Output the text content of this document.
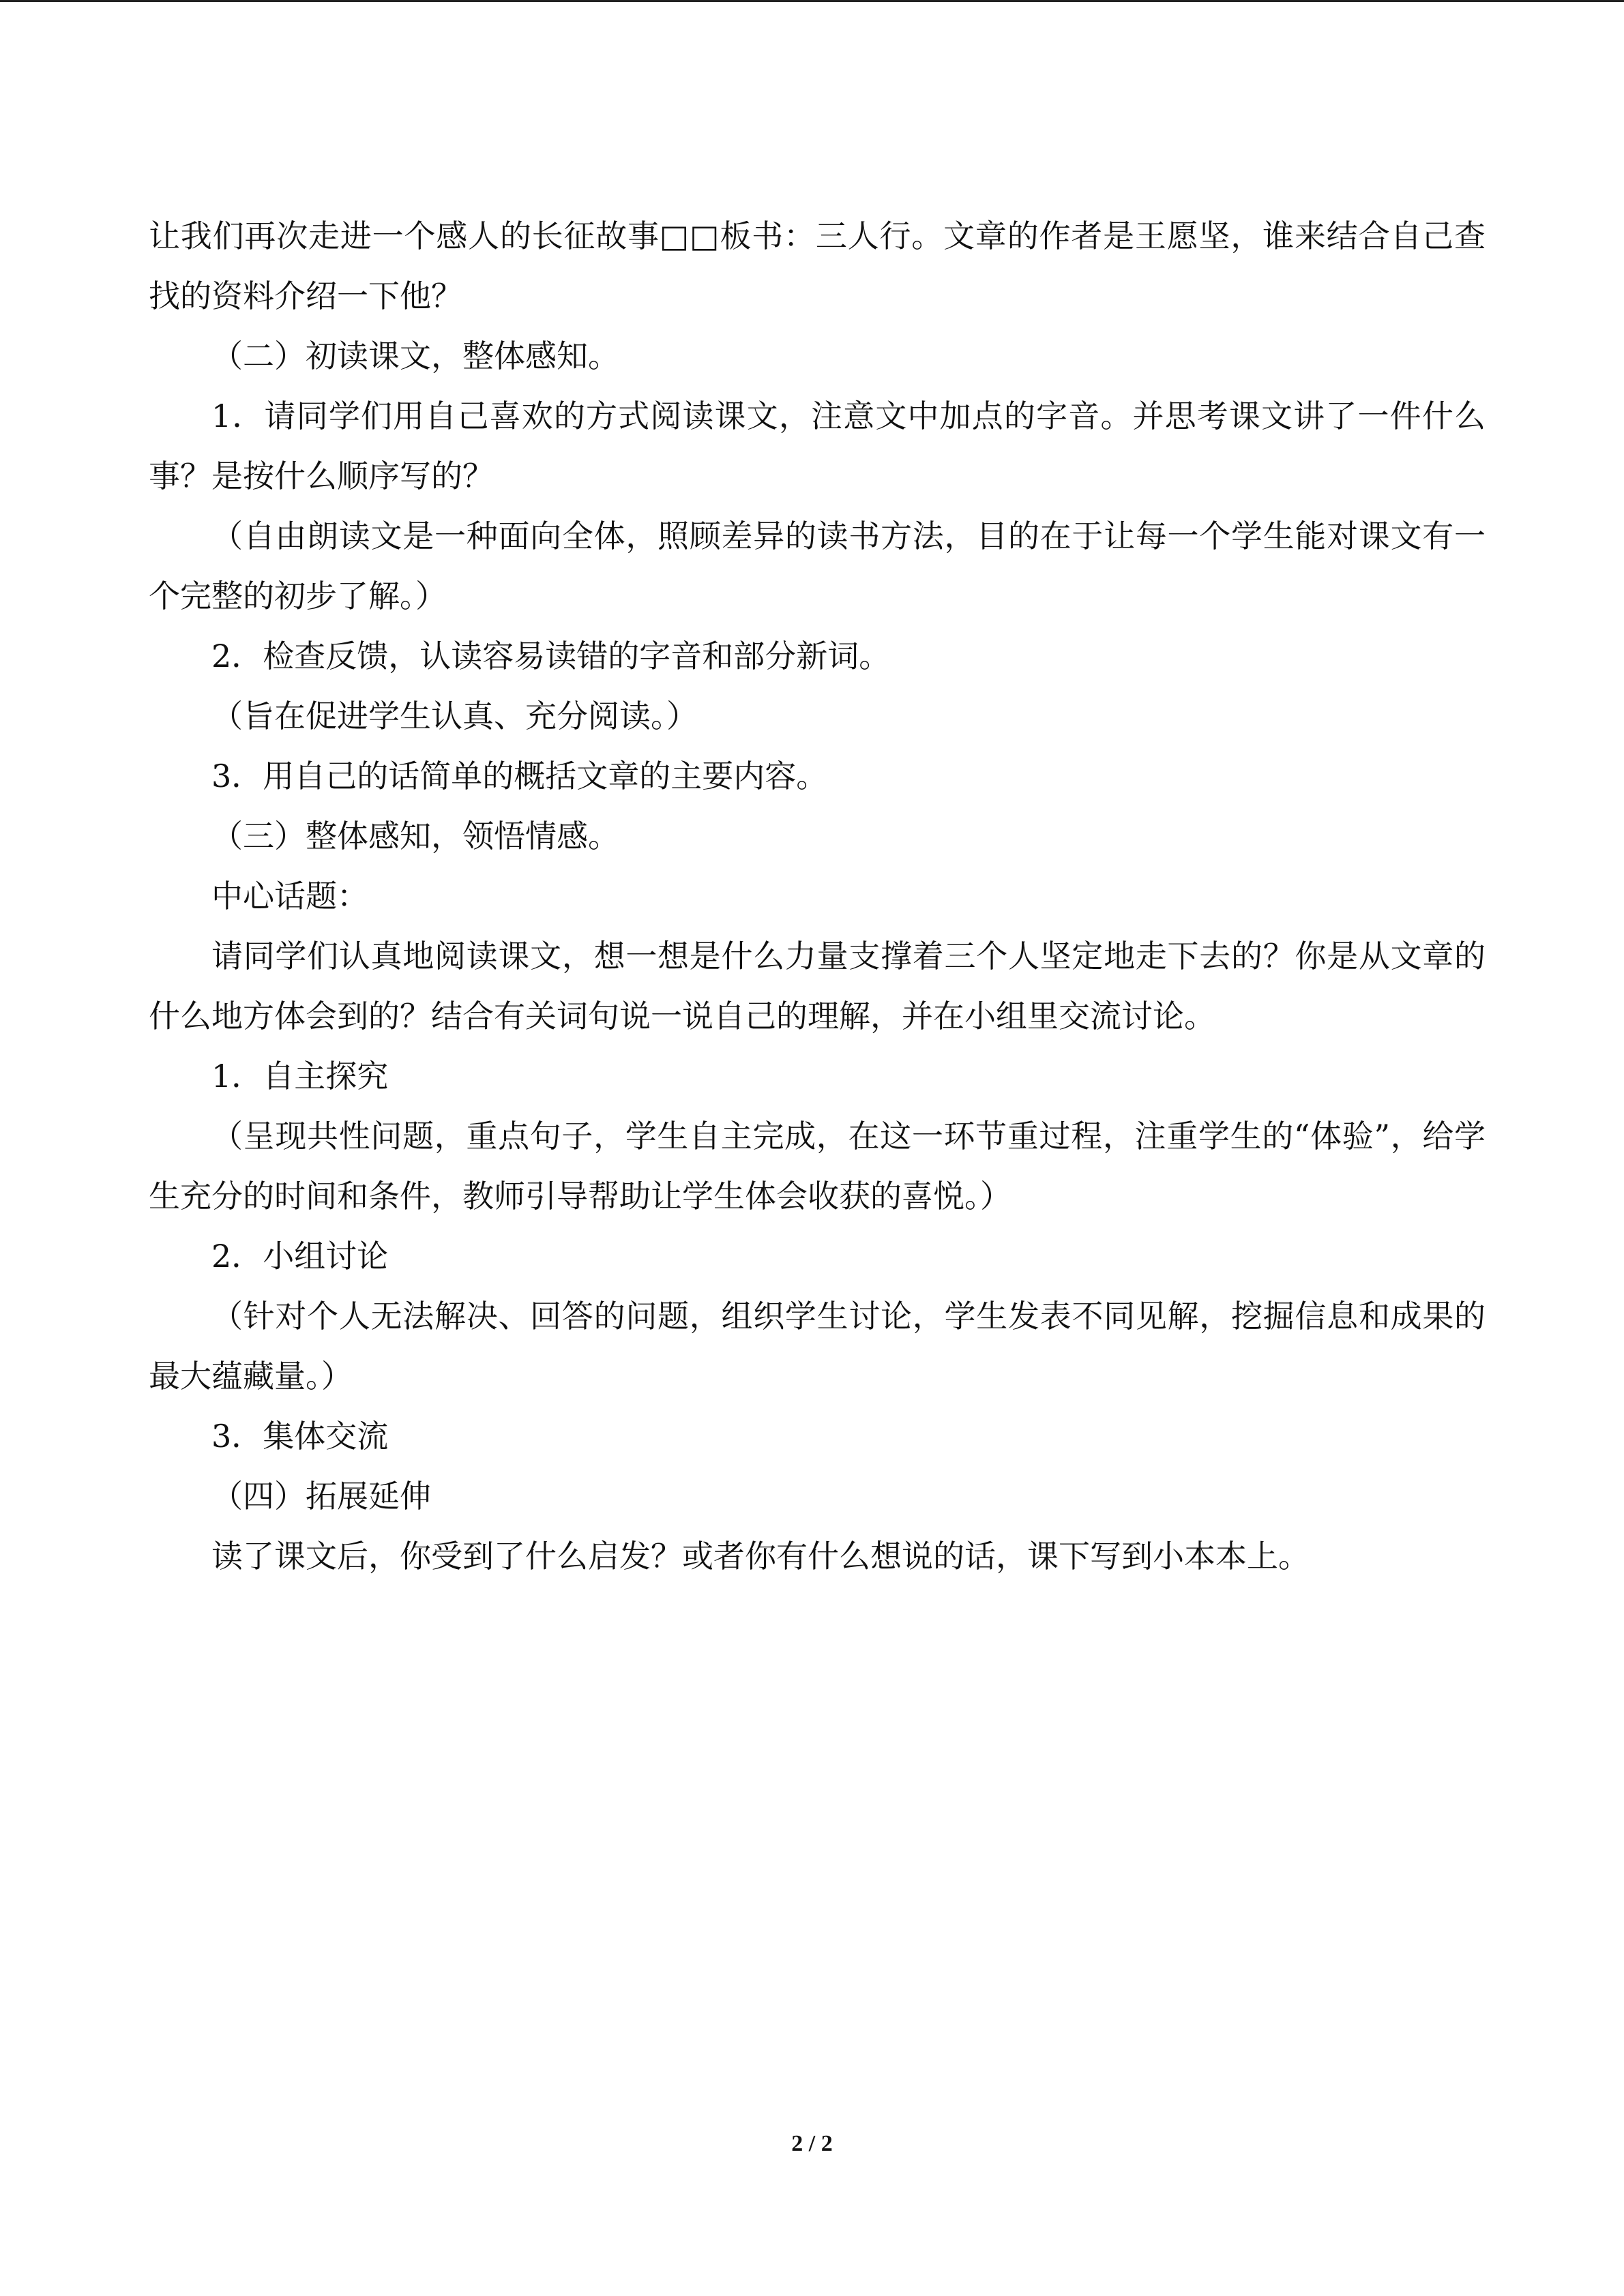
让我们再次走进一个感人的长征故事□□板书：三人行。文章的作者是王愿坚，谁来结合自己查找的资料介绍一下他？

（二）初读课文，整体感知。

1．请同学们用自己喜欢的方式阅读课文，注意文中加点的字音。并思考课文讲了一件什么事？是按什么顺序写的？

（自由朗读文是一种面向全体，照顾差异的读书方法，目的在于让每一个学生能对课文有一个完整的初步了解。）

2．检查反馈，认读容易读错的字音和部分新词。

（旨在促进学生认真、充分阅读。）

3．用自己的话简单的概括文章的主要内容。

（三）整体感知，领悟情感。

中心话题：

请同学们认真地阅读课文，想一想是什么力量支撑着三个人坚定地走下去的？你是从文章的什么地方体会到的？结合有关词句说一说自己的理解，并在小组里交流讨论。

1．自主探究

（呈现共性问题，重点句子，学生自主完成，在这一环节重过程，注重学生的“体验”，给学生充分的时间和条件，教师引导帮助让学生体会收获的喜悦。）

2．小组讨论

（针对个人无法解决、回答的问题，组织学生讨论，学生发表不同见解，挖掘信息和成果的最大蕴藏量。）

3．集体交流

（四）拓展延伸

读了课文后，你受到了什么启发？或者你有什么想说的话，课下写到小本本上。

2 / 2
